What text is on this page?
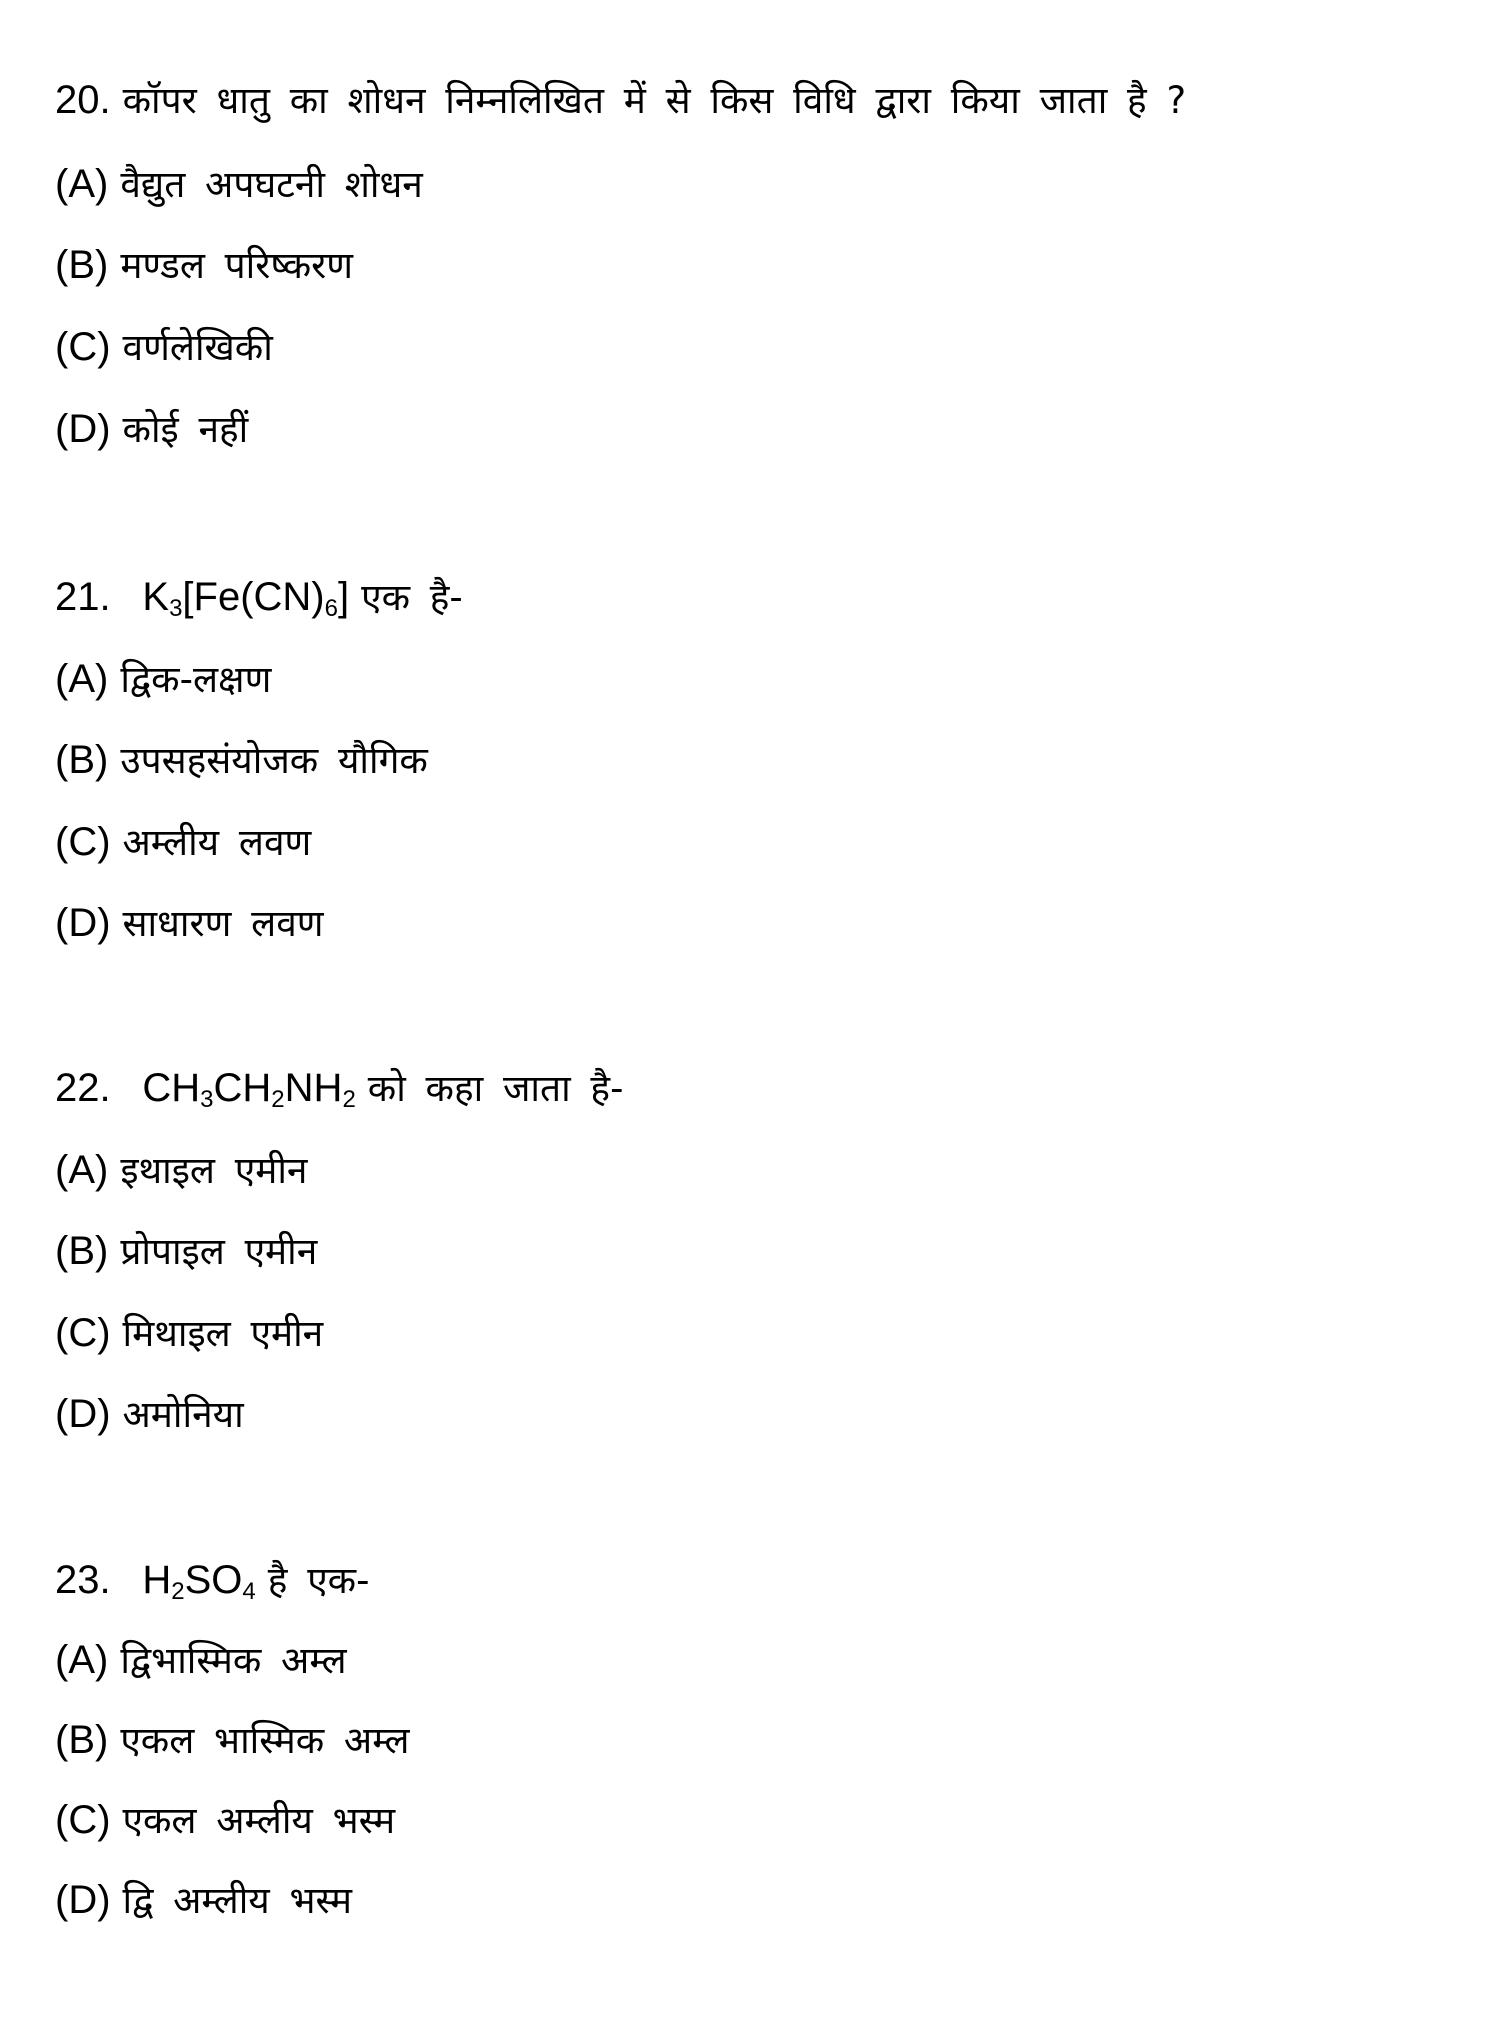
20. कॉपर धातु का शोधन निम्नलिखित में से किस विधि द्वारा किया जाता है ?
(A) वैद्युत अपघटनी शोधन
(B) मण्डल परिष्करण
(C) वर्णलेखिकी
(D) कोई नहीं
21. $K_3[Fe(CN)_6]$ एक है-
(A) द्विक-लक्षण
(B) उपसहसंयोजक यौगिक
(C) अम्लीय लवण
(D) साधारण लवण
22. $CH_3CH_2NH_2$ को कहा जाता है-
(A) इथाइल एमीन
(B) प्रोपाइल एमीन
(C) मिथाइल एमीन
(D) अमोनिया
23. $H_2SO_4$ है एक-
(A) द्विभास्मिक अम्ल
(B) एकल भास्मिक अम्ल
(C) एकल अम्लीय भस्म
(D) द्वि अम्लीय भस्म
